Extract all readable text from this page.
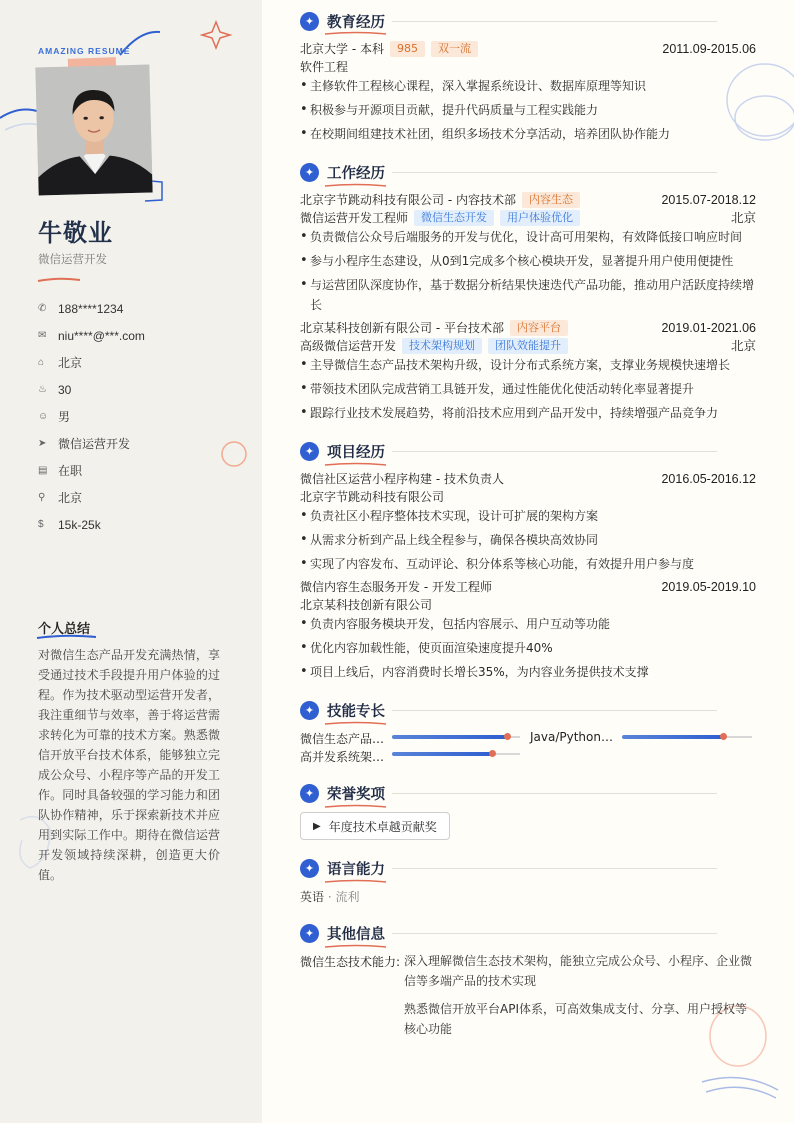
AMAZING RESUME
牛敬业
微信运营开发
✆ 188****1234
✉ niu****@***.com
⌂	北京
♨ 30
☺ 男
➤ 微信运营开发
▤ 在职
⚲	北京
$	15k-25k
个人总结
对微信生态产品开发充满热情，享受通过技术手段提升用户体验的过程。作为技术驱动型运营开发者，我注重细节与效率，善于将运营需求转化为可靠的技术方案。熟悉微信开放平台技术体系，能够独立完成公众号、小程序等产品的开发工作。同时具备较强的学习能力和团队协作精神，乐于探索新技术并应用到实际工作中。期待在微信运营开发领域持续深耕，创造更大价值。
✦ 教育经历
北京大学 - 本科	985	双一流	2011.09-2015.06
软件工程
• 主修软件工程核心课程，深入掌握系统设计、数据库原理等知识
• 积极参与开源项目贡献，提升代码质量与工程实践能力
• 在校期间组建技术社团，组织多场技术分享活动，培养团队协作能力
✦ 工作经历
北京字节跳动科技有限公司 - 内容技术部	内容生态	2015.07-2018.12
微信运营开发工程师	微信生态开发	用户体验优化	北京
• 负责微信公众号后端服务的开发与优化，设计高可用架构，有效降低接口响应时间
• 参与小程序生态建设，从0到1完成多个核心模块开发，显著提升用户使用便捷性
• 与运营团队深度协作，基于数据分析结果快速迭代产品功能，推动用户活跃度持续增长
北京某科技创新有限公司 - 平台技术部	内容平台	2019.01-2021.06
高级微信运营开发	技术架构规划	团队效能提升	北京
• 主导微信生态产品技术架构升级，设计分布式系统方案，支撑业务规模快速增长
• 带领技术团队完成营销工具链开发，通过性能优化使活动转化率显著提升
• 跟踪行业技术发展趋势，将前沿技术应用到产品开发中，持续增强产品竞争力
✦ 项目经历
微信社区运营小程序构建 - 技术负责人	2016.05-2016.12
北京字节跳动科技有限公司
• 负责社区小程序整体技术实现，设计可扩展的架构方案
• 从需求分析到产品上线全程参与，确保各模块高效协同
• 实现了内容发布、互动评论、积分体系等核心功能，有效提升用户参与度
微信内容生态服务开发 - 开发工程师	2019.05-2019.10
北京某科技创新有限公司
• 负责内容服务模块开发，包括内容展示、用户互动等功能
• 优化内容加载性能，使页面渲染速度提升40%
• 项目上线后，内容消费时长增长35%，为内容业务提供技术支撑
✦ 技能专长
微信生态产品…	Java/Python…
高并发系统架…
✦ 荣誉奖项
▶ 年度技术卓越贡献奖
✦ 语言能力
英语 · 流利
✦ 其他信息
微信生态技术能力: 深入理解微信生态技术架构，能独立完成公众号、小程序、企业微信等多端产品的技术实现
熟悉微信开放平台API体系，可高效集成支付、分享、用户授权等核心功能
